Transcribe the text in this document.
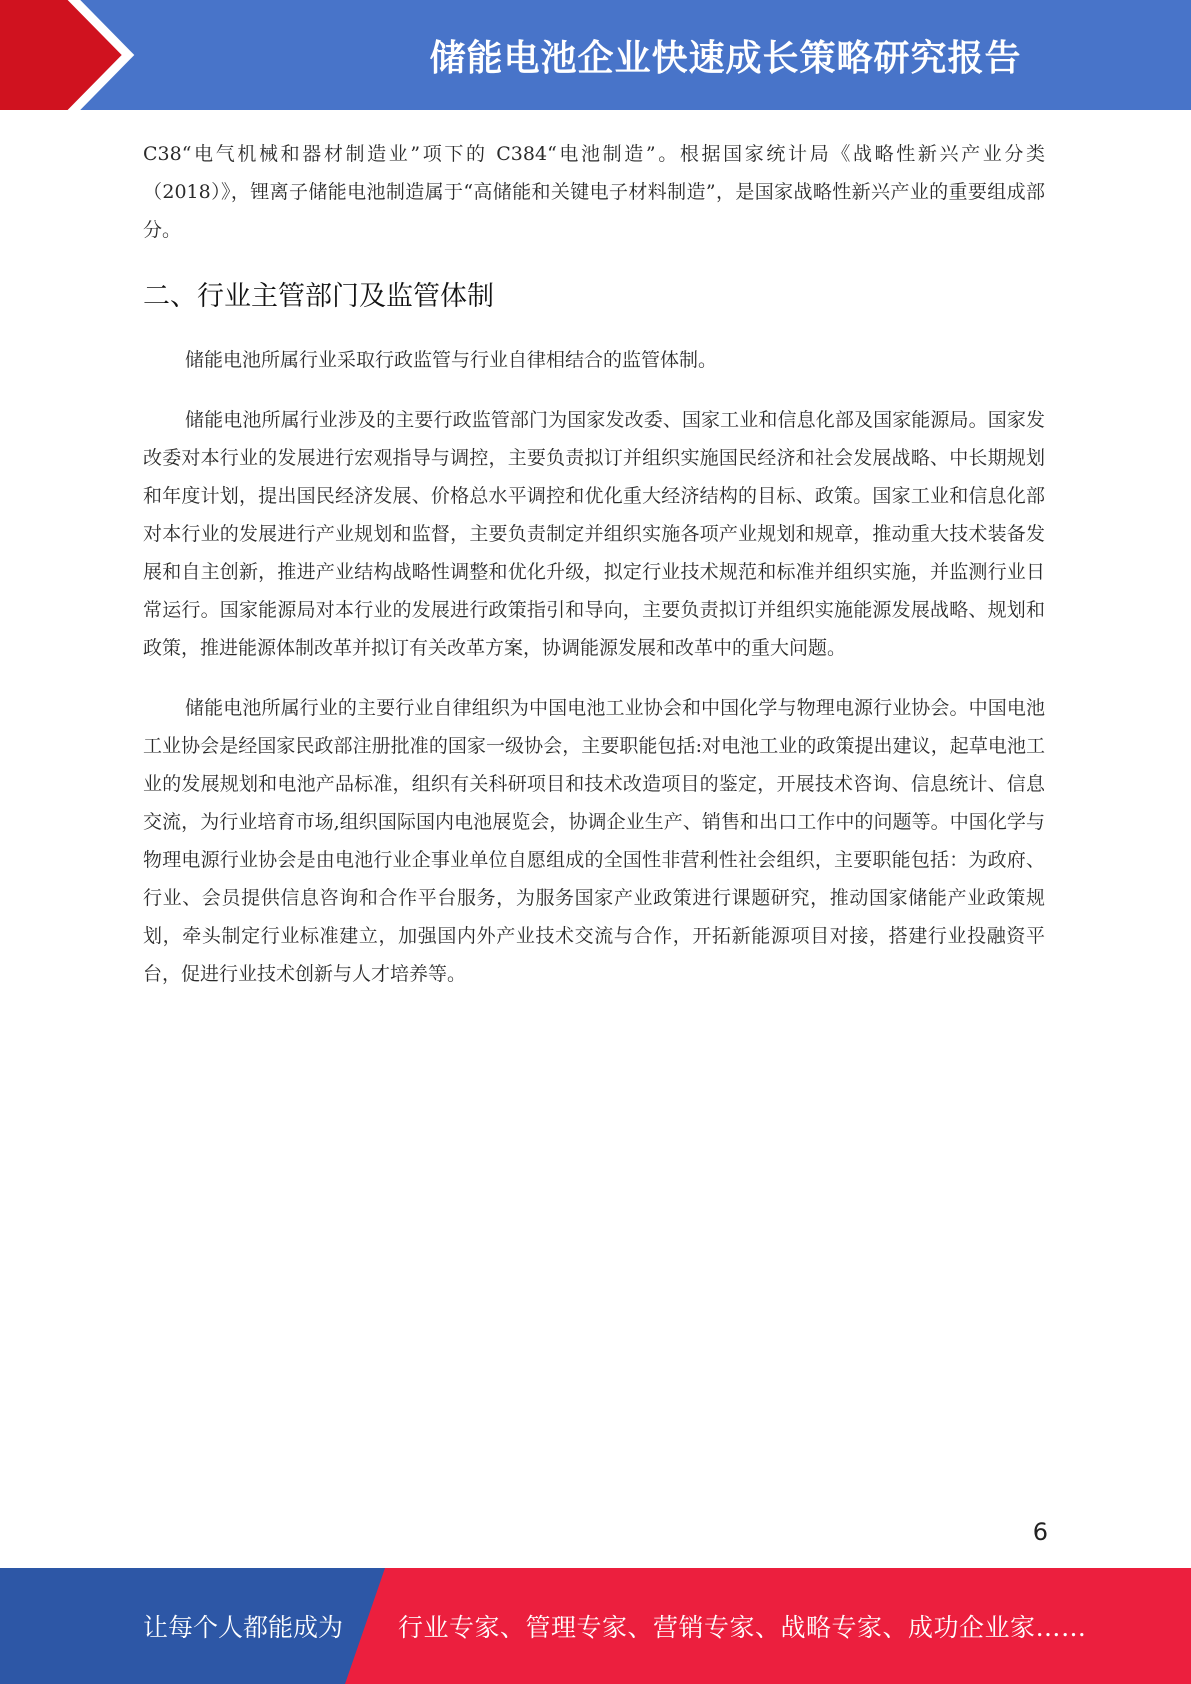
储能电池企业快速成长策略研究报告

C38“电气机械和器材制造业”项下的 C384“电池制造”。根据国家统计局《战略性新兴产业分类（2018）》，锂离子储能电池制造属于“高储能和关键电子材料制造”，是国家战略性新兴产业的重要组成部分。

二、行业主管部门及监管体制

储能电池所属行业采取行政监管与行业自律相结合的监管体制。

储能电池所属行业涉及的主要行政监管部门为国家发改委、国家工业和信息化部及国家能源局。国家发改委对本行业的发展进行宏观指导与调控，主要负责拟订并组织实施国民经济和社会发展战略、中长期规划和年度计划，提出国民经济发展、价格总水平调控和优化重大经济结构的目标、政策。国家工业和信息化部对本行业的发展进行产业规划和监督，主要负责制定并组织实施各项产业规划和规章，推动重大技术装备发展和自主创新，推进产业结构战略性调整和优化升级，拟定行业技术规范和标准并组织实施，并监测行业日常运行。国家能源局对本行业的发展进行政策指引和导向，主要负责拟订并组织实施能源发展战略、规划和政策，推进能源体制改革并拟订有关改革方案，协调能源发展和改革中的重大问题。

储能电池所属行业的主要行业自律组织为中国电池工业协会和中国化学与物理电源行业协会。中国电池工业协会是经国家民政部注册批准的国家一级协会，主要职能包括:对电池工业的政策提出建议，起草电池工业的发展规划和电池产品标准，组织有关科研项目和技术改造项目的鉴定，开展技术咨询、信息统计、信息交流，为行业培育市场,组织国际国内电池展览会，协调企业生产、销售和出口工作中的问题等。中国化学与物理电源行业协会是由电池行业企事业单位自愿组成的全国性非营利性社会组织，主要职能包括：为政府、行业、会员提供信息咨询和合作平台服务，为服务国家产业政策进行课题研究，推动国家储能产业政策规划，牵头制定行业标准建立，加强国内外产业技术交流与合作，开拓新能源项目对接，搭建行业投融资平台，促进行业技术创新与人才培养等。

6
让每个人都能成为 行业专家、管理专家、营销专家、战略专家、成功企业家……
